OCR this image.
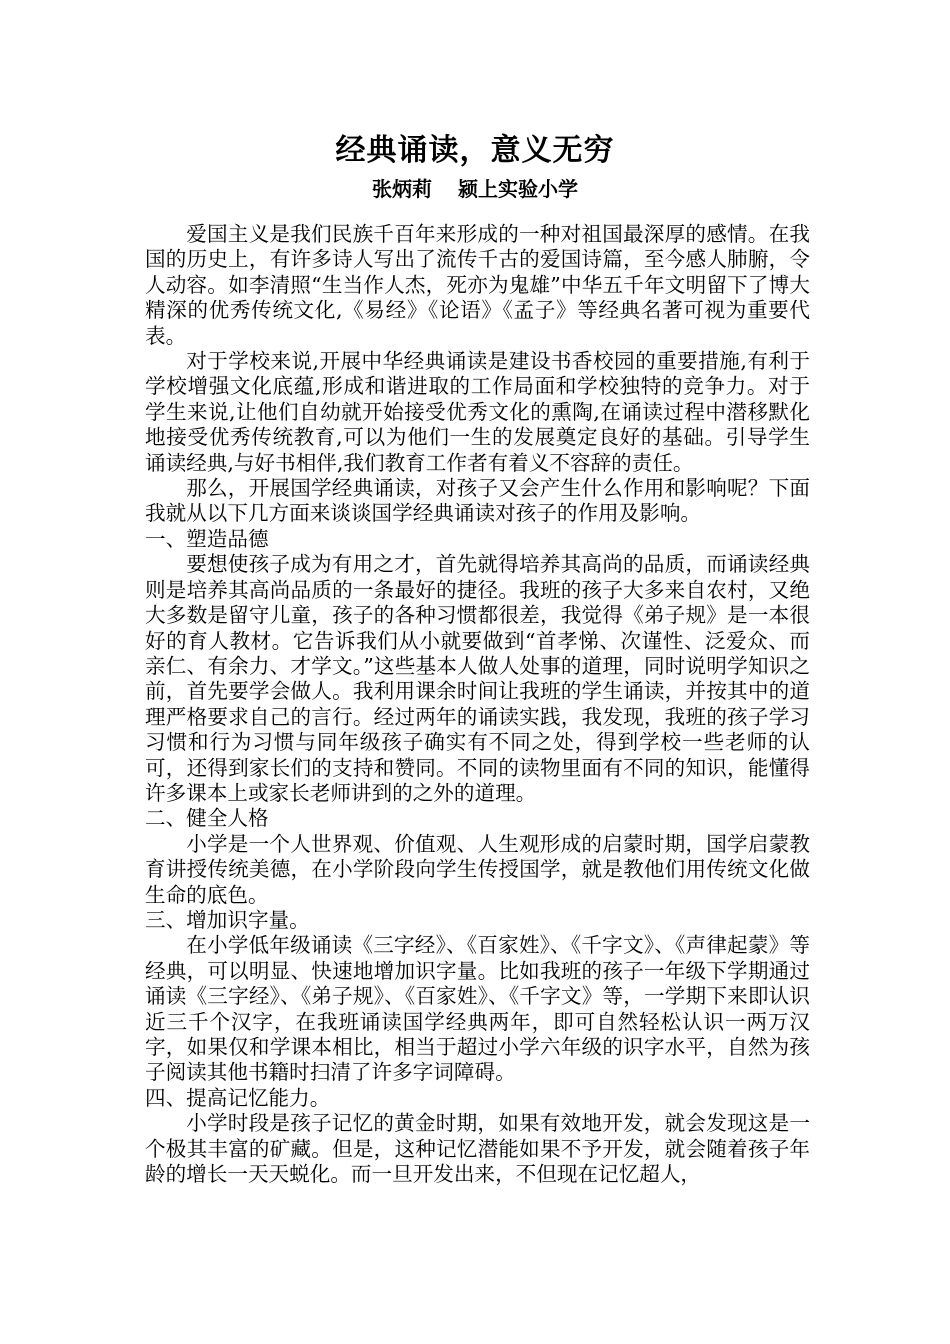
经典诵读，意义无穷
张炳莉 颍上实验小学

爱国主义是我们民族千百年来形成的一种对祖国最深厚的感情。在我国的历史上，有许多诗人写出了流传千古的爱国诗篇，至今感人肺腑，令人动容。如李清照“生当作人杰，死亦为鬼雄”中华五千年文明留下了博大精深的优秀传统文化,《易经》《论语》《孟子》等经典名著可视为重要代表。

对于学校来说,开展中华经典诵读是建设书香校园的重要措施,有利于学校增强文化底蕴,形成和谐进取的工作局面和学校独特的竞争力。对于学生来说,让他们自幼就开始接受优秀文化的熏陶,在诵读过程中潜移默化地接受优秀传统教育,可以为他们一生的发展奠定良好的基础。引导学生诵读经典,与好书相伴,我们教育工作者有着义不容辞的责任。

那么，开展国学经典诵读，对孩子又会产生什么作用和影响呢？下面我就从以下几方面来谈谈国学经典诵读对孩子的作用及影响。

一、塑造品德

要想使孩子成为有用之才，首先就得培养其高尚的品质，而诵读经典则是培养其高尚品质的一条最好的捷径。我班的孩子大多来自农村，又绝大多数是留守儿童，孩子的各种习惯都很差，我觉得《弟子规》是一本很好的育人教材。它告诉我们从小就要做到“首孝悌、次谨性、泛爱众、而亲仁、有余力、才学文。”这些基本人做人处事的道理，同时说明学知识之前，首先要学会做人。我利用课余时间让我班的学生诵读，并按其中的道理严格要求自己的言行。经过两年的诵读实践，我发现，我班的孩子学习习惯和行为习惯与同年级孩子确实有不同之处，得到学校一些老师的认可，还得到家长们的支持和赞同。不同的读物里面有不同的知识，能懂得许多课本上或家长老师讲到的之外的道理。

二、健全人格

小学是一个人世界观、价值观、人生观形成的启蒙时期，国学启蒙教育讲授传统美德，在小学阶段向学生传授国学，就是教他们用传统文化做生命的底色。

三、增加识字量。

在小学低年级诵读《三字经》、《百家姓》、《千字文》、《声律起蒙》等经典，可以明显、快速地增加识字量。比如我班的孩子一年级下学期通过诵读《三字经》、《弟子规》、《百家姓》、《千字文》等，一学期下来即认识近三千个汉字，在我班诵读国学经典两年，即可自然轻松认识一两万汉字，如果仅和学课本相比，相当于超过小学六年级的识字水平，自然为孩子阅读其他书籍时扫清了许多字词障碍。

四、提高记忆能力。

小学时段是孩子记忆的黄金时期，如果有效地开发，就会发现这是一个极其丰富的矿藏。但是，这种记忆潜能如果不予开发，就会随着孩子年龄的增长一天天蜕化。而一旦开发出来，不但现在记忆超人，
